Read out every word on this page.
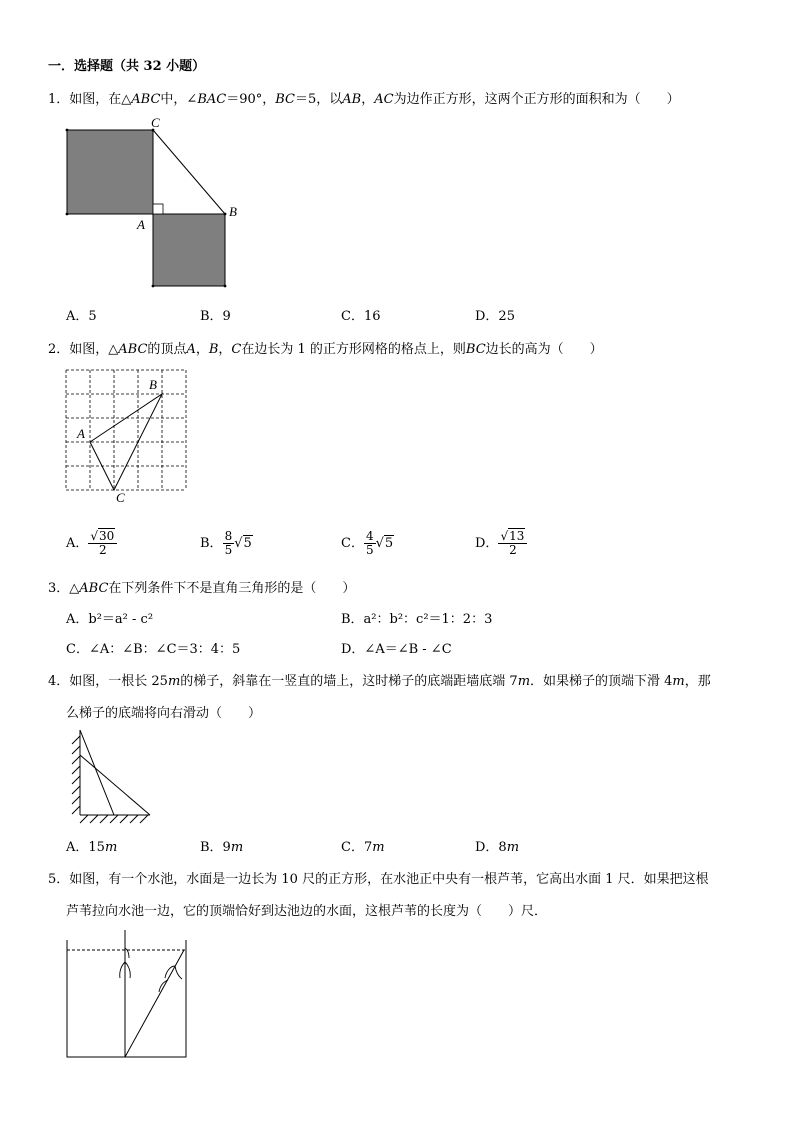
一．选择题（共 32 小题）
1．如图，在△ABC中，∠BAC＝90°，BC＝5，以AB，AC为边作正方形，这两个正方形的面积和为（　　）
C
B
A
A．5	B．9	C．16	D．25
2．如图，△ABC的顶点A，B，C在边长为 1 的正方形网格的格点上，则BC边长的高为（　　）
B
A
C
A． $\frac{√30}{2}$	B． $\frac{8}{5} √5$	C． $\frac{4}{5} √5$	D． $\frac{√13}{2}$
3．△ABC在下列条件下不是直角三角形的是（　　）
A．b²＝a² - c²	B．a²：b²：c²＝1：2：3
C．∠A：∠B：∠C＝3：4：5	D．∠A＝∠B - ∠C
4．如图，一根长 25m的梯子，斜靠在一竖直的墙上，这时梯子的底端距墙底端 7m．如果梯子的顶端下滑 4m，那
么梯子的底端将向右滑动（　　）
A．15m	B．9m	C．7m	D．8m
5．如图，有一个水池，水面是一边长为 10 尺的正方形，在水池正中央有一根芦苇，它高出水面 1 尺．如果把这根
芦苇拉向水池一边，它的顶端恰好到达池边的水面，这根芦苇的长度为（　　）尺．
